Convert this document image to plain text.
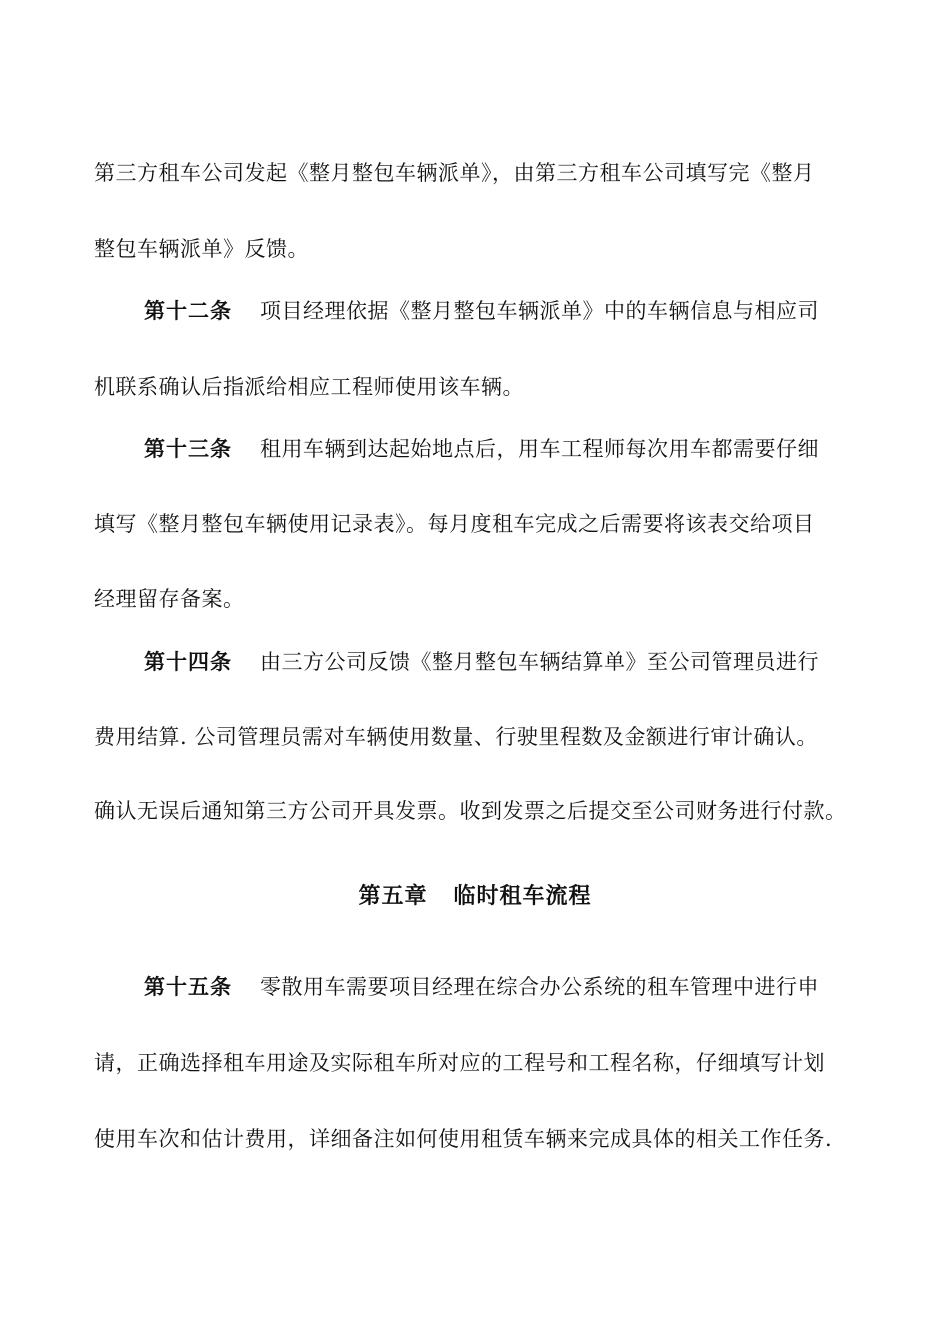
第三方租车公司发起《整月整包车辆派单》，由第三方租车公司填写完《整月
整包车辆派单》反馈。
第十二条 项目经理依据《整月整包车辆派单》中的车辆信息与相应司
机联系确认后指派给相应工程师使用该车辆。
第十三条 租用车辆到达起始地点后，用车工程师每次用车都需要仔细
填写《整月整包车辆使用记录表》。每月度租车完成之后需要将该表交给项目
经理留存备案。
第十四条 由三方公司反馈《整月整包车辆结算单》至公司管理员进行
费用结算. 公司管理员需对车辆使用数量、行驶里程数及金额进行审计确认。
确认无误后通知第三方公司开具发票。收到发票之后提交至公司财务进行付款。
第五章 临时租车流程
第十五条 零散用车需要项目经理在综合办公系统的租车管理中进行申
请，正确选择租车用途及实际租车所对应的工程号和工程名称，仔细填写计划
使用车次和估计费用，详细备注如何使用租赁车辆来完成具体的相关工作任务.
